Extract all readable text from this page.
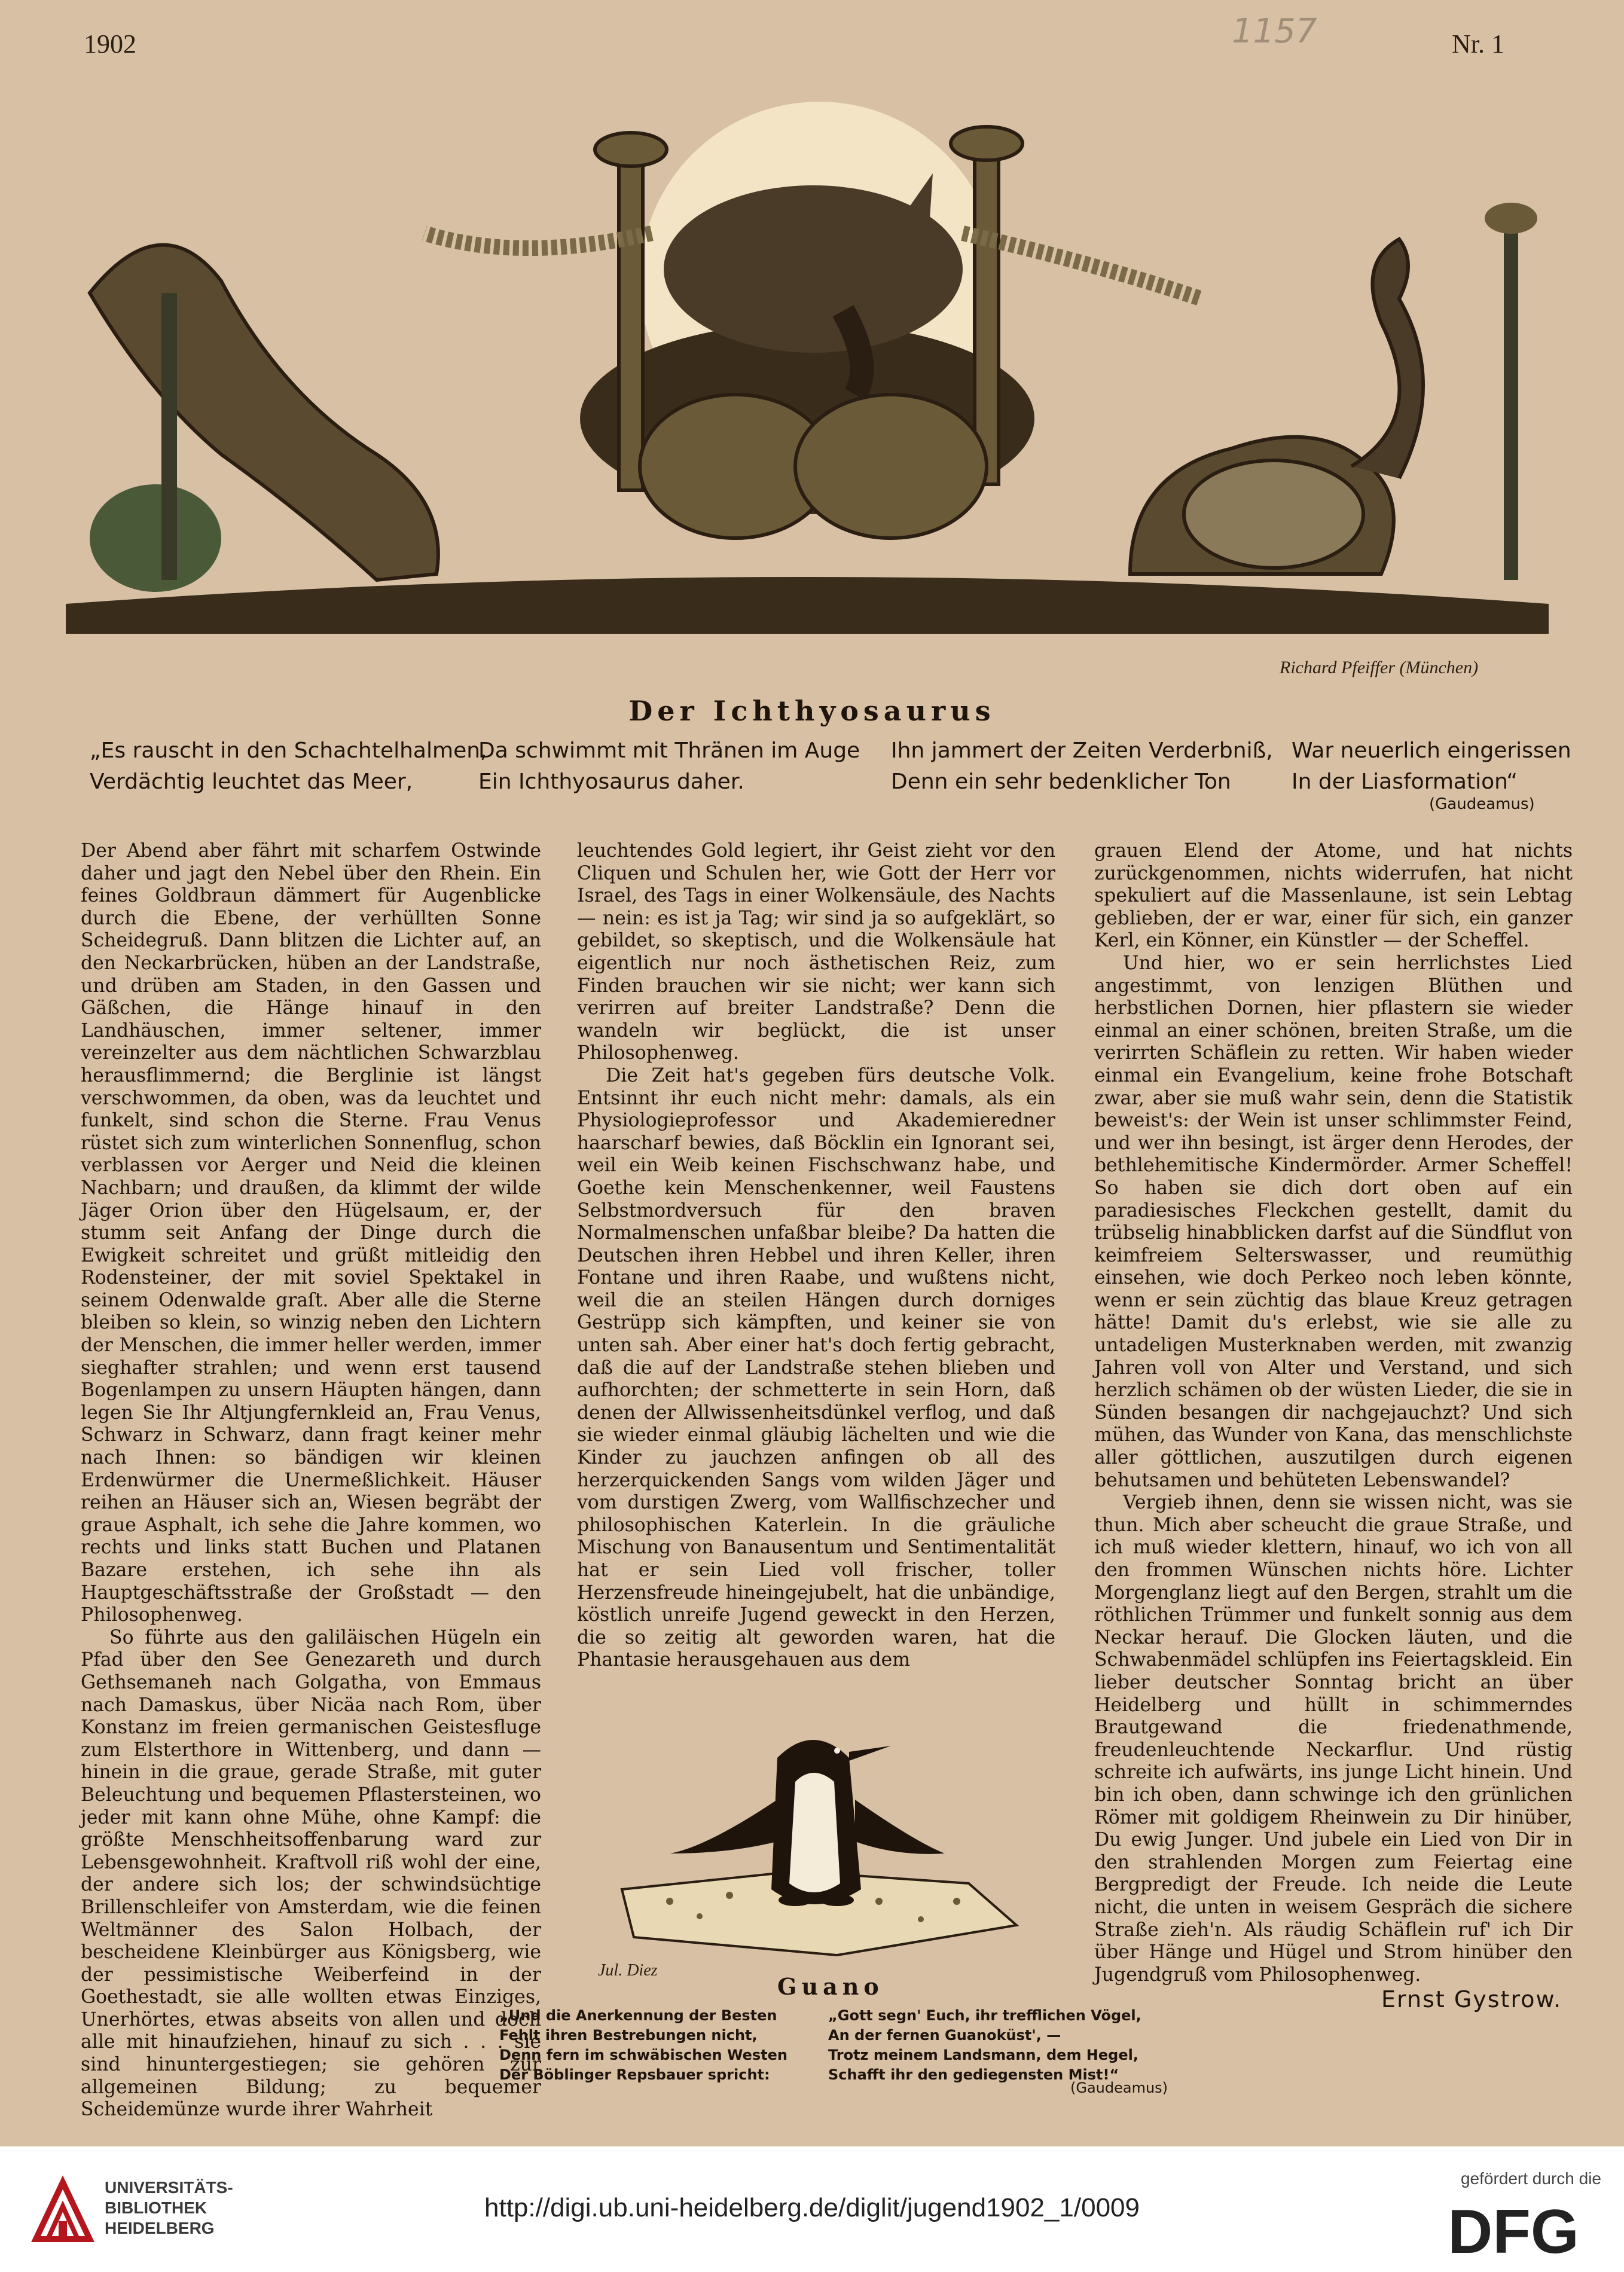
1902	Nr. 1
1157
Richard Pfeiffer (München)
Der Ichthyosaurus
„Es rauscht in den Schachtelhalmen,
Verdächtig leuchtet das Meer,
Da schwimmt mit Thränen im Auge
Ein Ichthyosaurus daher.
Ihn jammert der Zeiten Verderbniß,
Denn ein sehr bedenklicher Ton
War neuerlich eingerissen
In der Liasformation“
(Gaudeamus)

Der Abend aber fährt mit scharfem Ostwinde daher und jagt den Nebel über den Rhein. Ein feines Goldbraun dämmert für Augenblicke durch die Ebene, der verhüllten Sonne Scheidegruß. Dann blitzen die Lichter auf, an den Neckarbrücken, hüben an der Landstraße, und drüben am Staden, in den Gassen und Gäßchen, die Hänge hinauf in den Landhäuschen, immer seltener, immer vereinzelter aus dem nächtlichen Schwarzblau herausflimmernd; die Berglinie ist längst verschwommen, da oben, was da leuchtet und funkelt, sind schon die Sterne. Frau Venus rüstet sich zum winterlichen Sonnenflug, schon verblassen vor Aerger und Neid die kleinen Nachbarn; und draußen, da klimmt der wilde Jäger Orion über den Hügelsaum, er, der stumm seit Anfang der Dinge durch die Ewigkeit schreitet und grüßt mitleidig den Rodensteiner, der mit soviel Spektakel in seinem Odenwalde graſt. Aber alle die Sterne bleiben so klein, so winzig neben den Lichtern der Menschen, die immer heller werden, immer sieghafter strahlen; und wenn erst tausend Bogenlampen zu unsern Häupten hängen, dann legen Sie Ihr Altjungfernkleid an, Frau Venus, Schwarz in Schwarz, dann fragt keiner mehr nach Ihnen: so bändigen wir kleinen Erdenwürmer die Unermeßlichkeit. Häuser reihen an Häuser sich an, Wiesen begräbt der graue Asphalt, ich sehe die Jahre kommen, wo rechts und links statt Buchen und Platanen Bazare erstehen, ich sehe ihn als Hauptgeschäftsstraße der Großstadt — den Philosophenweg.

So führte aus den galiläischen Hügeln ein Pfad über den See Genezareth und durch Gethsemaneh nach Golgatha, von Emmaus nach Damaskus, über Nicäa nach Rom, über Konstanz im freien germanischen Geistesfluge zum Elsterthore in Wittenberg, und dann — hinein in die graue, gerade Straße, mit guter Beleuchtung und bequemen Pflastersteinen, wo jeder mit kann ohne Mühe, ohne Kampf: die größte Menschheitsoffenbarung ward zur Lebensgewohnheit. Kraftvoll riß wohl der eine, der andere sich los; der schwindsüchtige Brillenschleifer von Amsterdam, wie die feinen Weltmänner des Salon Holbach, der bescheidene Kleinbürger aus Königsberg, wie der pessimistische Weiberfeind in der Goethestadt, sie alle wollten etwas Einziges, Unerhörtes, etwas abseits von allen und doch alle mit hinaufziehen, hinauf zu sich . . . sie sind hinuntergestiegen; sie gehören zur allgemeinen Bildung; zu bequemer Scheidemünze wurde ihrer Wahrheit

leuchtendes Gold legiert, ihr Geist zieht vor den Cliquen und Schulen her, wie Gott der Herr vor Israel, des Tags in einer Wolkensäule, des Nachts — nein: es ist ja Tag; wir sind ja so aufgeklärt, so gebildet, so skeptisch, und die Wolkensäule hat eigentlich nur noch ästhetischen Reiz, zum Finden brauchen wir sie nicht; wer kann sich verirren auf breiter Landstraße? Denn die wandeln wir beglückt, die ist unser Philosophenweg.

Die Zeit hat's gegeben fürs deutsche Volk. Entsinnt ihr euch nicht mehr: damals, als ein Physiologieprofessor und Akademieredner haarscharf bewies, daß Böcklin ein Ignorant sei, weil ein Weib keinen Fischschwanz habe, und Goethe kein Menschenkenner, weil Faustens Selbstmordversuch für den braven Normalmenschen unfaßbar bleibe? Da hatten die Deutschen ihren Hebbel und ihren Keller, ihren Fontane und ihren Raabe, und wußtens nicht, weil die an steilen Hängen durch dorniges Gestrüpp sich kämpften, und keiner sie von unten sah. Aber einer hat's doch fertig gebracht, daß die auf der Landstraße stehen blieben und aufhorchten; der schmetterte in sein Horn, daß denen der Allwissenheitsdünkel verflog, und daß sie wieder einmal gläubig lächelten und wie die Kinder zu jauchzen anfingen ob all des herzerquickenden Sangs vom wilden Jäger und vom durstigen Zwerg, vom Wallfischzecher und philosophischen Katerlein. In die gräuliche Mischung von Banausentum und Sentimentalität hat er sein Lied voll frischer, toller Herzensfreude hineingejubelt, hat die unbändige, köstlich unreife Jugend geweckt in den Herzen, die so zeitig alt geworden waren, hat die Phantasie herausgehauen aus dem

grauen Elend der Atome, und hat nichts zurückgenommen, nichts widerrufen, hat nicht spekuliert auf die Massenlaune, ist sein Lebtag geblieben, der er war, einer für sich, ein ganzer Kerl, ein Könner, ein Künstler — der Scheffel.

Und hier, wo er sein herrlichstes Lied angestimmt, von lenzigen Blüthen und herbstlichen Dornen, hier pflastern sie wieder einmal an einer schönen, breiten Straße, um die verirrten Schäflein zu retten. Wir haben wieder einmal ein Evangelium, keine frohe Botschaft zwar, aber sie muß wahr sein, denn die Statistik beweist's: der Wein ist unser schlimmster Feind, und wer ihn besingt, ist ärger denn Herodes, der bethlehemitische Kindermörder. Armer Scheffel! So haben sie dich dort oben auf ein paradiesisches Fleckchen gestellt, damit du trübselig hinabblicken darfst auf die Sündflut von keimfreiem Selterswasser, und reumüthig einsehen, wie doch Perkeo noch leben könnte, wenn er sein züchtig das blaue Kreuz getragen hätte! Damit du's erlebst, wie sie alle zu untadeligen Musterknaben werden, mit zwanzig Jahren voll von Alter und Verstand, und sich herzlich schämen ob der wüsten Lieder, die sie in Sünden besangen dir nachgejauchzt? Und sich mühen, das Wunder von Kana, das menschlichste aller göttlichen, auszutilgen durch eigenen behutsamen und behüteten Lebenswandel?

Vergieb ihnen, denn sie wissen nicht, was sie thun. Mich aber scheucht die graue Straße, und ich muß wieder klettern, hinauf, wo ich von all den frommen Wünschen nichts höre. Lichter Morgenglanz liegt auf den Bergen, strahlt um die röthlichen Trümmer und funkelt sonnig aus dem Neckar herauf. Die Glocken läuten, und die Schwabenmädel schlüpfen ins Feiertagskleid. Ein lieber deutscher Sonntag bricht an über Heidelberg und hüllt in schimmerndes Brautgewand die friedenathmende, freudenleuchtende Neckarflur. Und rüstig schreite ich aufwärts, ins junge Licht hinein. Und bin ich oben, dann schwinge ich den grünlichen Römer mit goldigem Rheinwein zu Dir hinüber, Du ewig Junger. Und jubele ein Lied von Dir in den strahlenden Morgen zum Feiertag eine Bergpredigt der Freude. Ich neide die Leute nicht, die unten in weisem Gespräch die sichere Straße zieh'n. Als räudig Schäflein ruf' ich Dir über Hänge und Hügel und Strom hinüber den Jugendgruß vom Philosophenweg.

Ernst Gystrow.
Jul. Diez
Guano
„Und die Anerkennung der Besten
Fehlt ihren Bestrebungen nicht,
Denn fern im schwäbischen Westen
Der Böblinger Repsbauer spricht:
„Gott segn' Euch, ihr trefflichen Vögel,
An der fernen Guanoküst', —
Trotz meinem Landsmann, dem Hegel,
Schafft ihr den gediegensten Mist!“
(Gaudeamus)
UNIVERSITÄTS-
BIBLIOTHEK
HEIDELBERG
http://digi.ub.uni-heidelberg.de/diglit/jugend1902_1/0009
gefördert durch die
DFG
